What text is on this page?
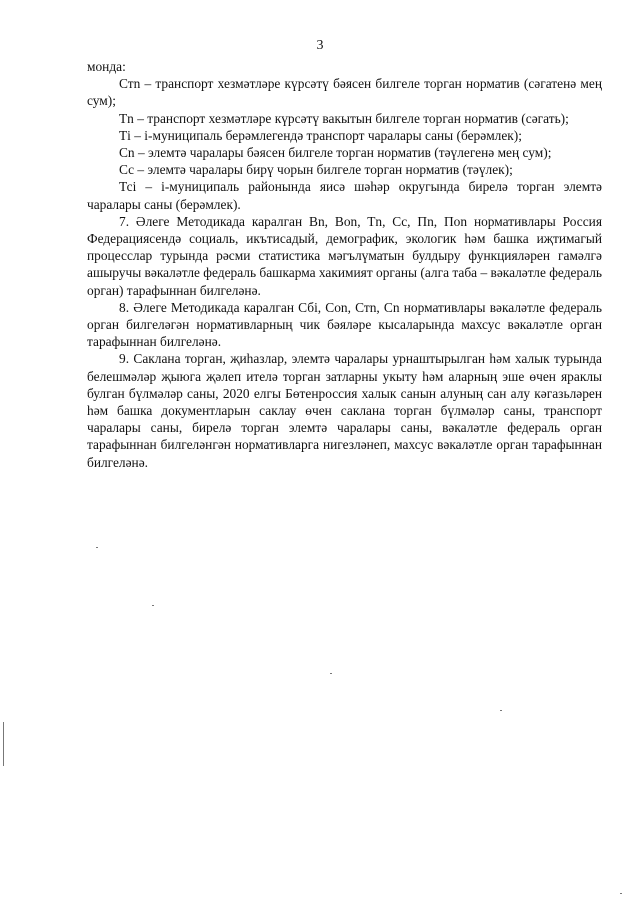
3

монда:

Стn – транспорт хезмәтләре күрсәтү бәясен билгеле торган норматив (сәгатенә мең сум);

Тn – транспорт хезмәтләре күрсәтү вакытын билгеле торган норматив (сәгать);

Тi – i-муниципаль берәмлегендә транспорт чаралары саны (берәмлек);

Сn – элемтә чаралары бәясен билгеле торган норматив (тәүлегенә мең сум);

Сс – элемтә чаралары бирү чорын билгеле торган норматив (тәүлек);

Тсi – i-муниципаль районында яисә шәһәр округында бирелә торган элемтә чаралары саны (берәмлек).

7. Әлеге Методикада каралган Bn, Bon, Tn, Cc, Пn, Пon нормативлары Россия Федерациясендә социаль, икътисадый, демографик, экологик һәм башка иҗтимагый процесслар турында рәсми статистика мәгълүматын булдыру функцияләрен гамәлгә ашыручы вәкаләтле федераль башкарма хакимият органы (алга таба – вәкаләтле федераль орган) тарафыннан билгеләнә.

8. Әлеге Методикада каралган Сбi, Соn, Стn, Сn нормативлары вәкаләтле федераль орган билгеләгән нормативларның чик бәяләре кысаларында махсус вәкаләтле орган тарафыннан билгеләнә.

9. Саклана торган, җиһазлар, элемтә чаралары урнаштырылган һәм халык турында белешмәләр җыюга җәлеп ителә торган затларны укыту һәм аларның эше өчен яраклы булган бүлмәләр саны, 2020 елгы Бөтенроссия халык санын алуның сан алу кәгазьләрен һәм башка документларын саклау өчен саклана торган бүлмәләр саны, транспорт чаралары саны, бирелә торган элемтә чаралары саны, вәкаләтле федераль орган тарафыннан билгеләнгән нормативларга нигезләнеп, махсус вәкаләтле орган тарафыннан билгеләнә.
